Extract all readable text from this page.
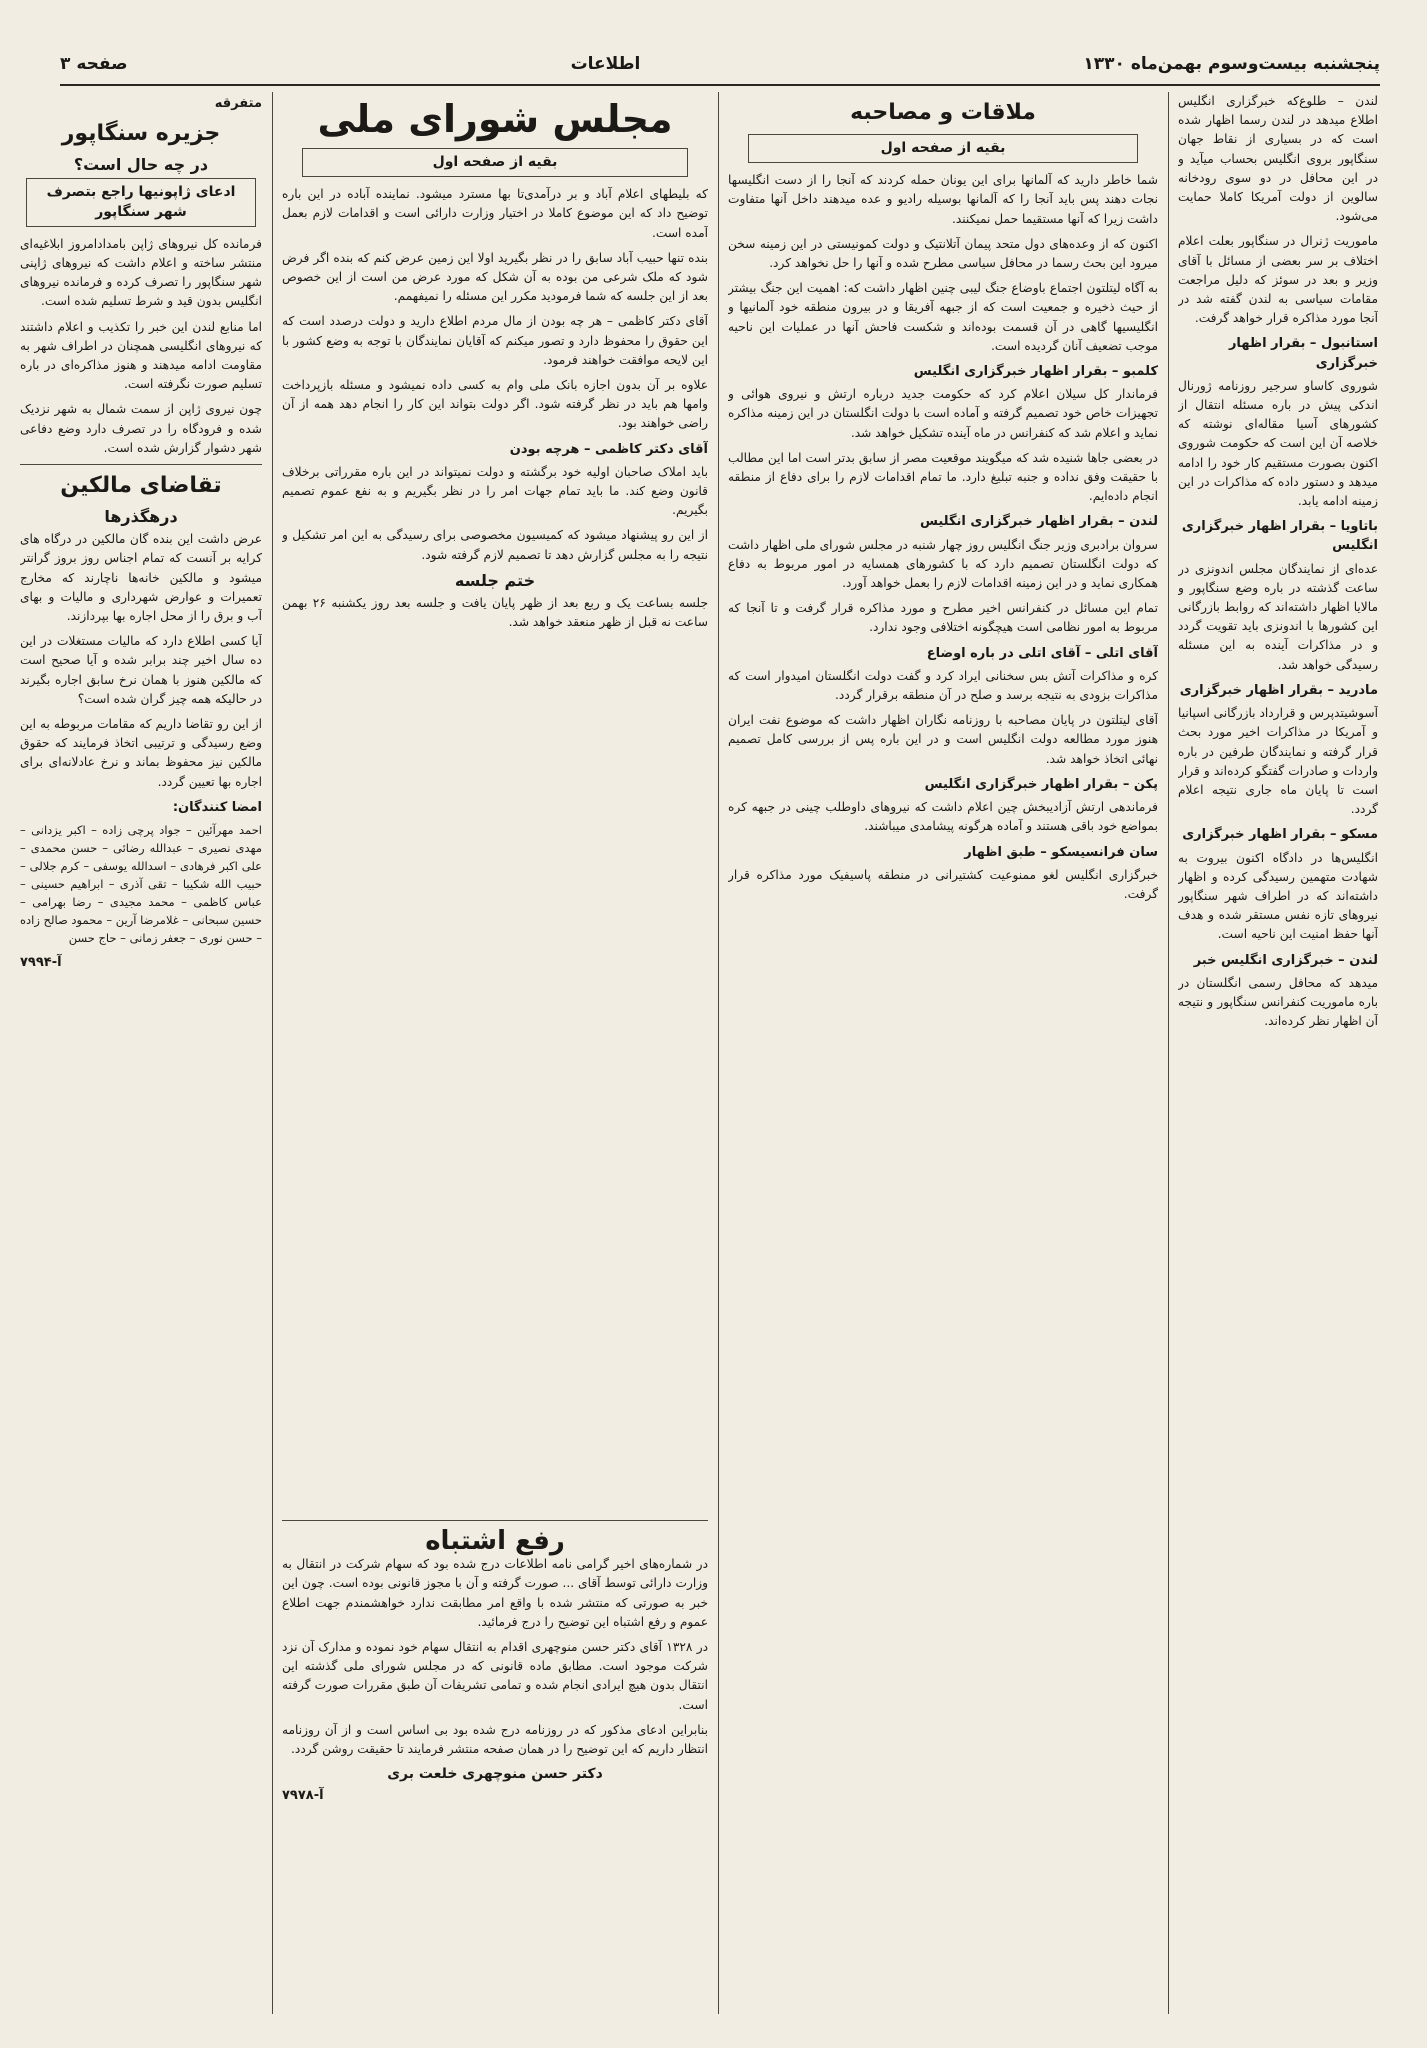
پنجشنبه بیست‌وسوم بهمن‌ماه ۱۳۳۰
اطلاعات
صفحه ۳

لندن – طلوع‌که خبرگزاری انگلیس اطلاع میدهد در لندن رسما اظهار شده است که در بسیاری از نقاط جهان سنگاپور بروی انگلیس بحساب میآید و در این محافل در دو سوی رودخانه سالوین از دولت آمریکا کاملا حمایت می‌شود.

ماموریت ژنرال در سنگاپور بعلت اعلام اختلاف بر سر بعضی از مسائل با آقای وزیر و بعد در سوئز که دلیل مراجعت مقامات سیاسی به لندن گفته شد در آنجا مورد مذاکره قرار خواهد گرفت.

استانبول – بقرار اظهار خبرگزاری

شوروی کاساو سرجیر روزنامه ژورنال اندکی پیش در باره مسئله انتقال از کشورهای آسیا مقاله‌ای نوشته که خلاصه آن این است که حکومت شوروی اکنون بصورت مستقیم کار خود را ادامه میدهد و دستور داده که مذاکرات در این زمینه ادامه یابد.

باتاویا – بقرار اظهار خبرگزاری انگلیس

عده‌ای از نمایندگان مجلس اندونزی در ساعت گذشته در باره وضع سنگاپور و مالایا اظهار داشته‌اند که روابط بازرگانی این کشورها با اندونزی باید تقویت گردد و در مذاکرات آینده به این مسئله رسیدگی خواهد شد.

مادرید – بقرار اظهار خبرگزاری

آسوشیتدپرس و قرارداد بازرگانی اسپانیا و آمریکا در مذاکرات اخیر مورد بحث قرار گرفته و نمایندگان طرفین در باره واردات و صادرات گفتگو کرده‌اند و قرار است تا پایان ماه جاری نتیجه اعلام گردد.

مسکو – بقرار اظهار خبرگزاری

انگلیس‌ها در دادگاه اکنون بیروت به شهادت متهمین رسیدگی کرده و اظهار داشته‌اند که در اطراف شهر سنگاپور نیروهای تازه نفس مستقر شده و هدف آنها حفظ امنیت این ناحیه است.

لندن – خبرگزاری انگلیس خبر

میدهد که محافل رسمی انگلستان در باره ماموریت کنفرانس سنگاپور و نتیجه آن اظهار نظر کرده‌اند.

ملاقات و مصاحبه
بقیه از صفحه اول

شما خاطر دارید که آلمانها برای این یونان حمله کردند که آنجا را از دست انگلیسها نجات دهند پس باید آنجا را که آلمانها بوسیله رادیو و عده میدهند داخل آنها متفاوت داشت زیرا که آنها مستقیما حمل نمیکنند.

اکنون که از وعده‌های دول متحد پیمان آتلانتیک و دولت کمونیستی در این زمینه سخن میرود این بحث رسما در محافل سیاسی مطرح شده و آنها را حل نخواهد کرد.

به آگاه لیتلتون اجتماع باوضاع جنگ لیبی چنین اظهار داشت که: اهمیت این جنگ بیشتر از حیث ذخیره و جمعیت است که از جبهه آفریقا و در بیرون منطقه خود آلمانیها و انگلیسیها گاهی در آن قسمت بوده‌اند و شکست فاحش آنها در عملیات این ناحیه موجب تضعیف آنان گردیده است.

کلمبو – بقرار اظهار خبرگزاری انگلیس

فرماندار کل سیلان اعلام کرد که حکومت جدید درباره ارتش و نیروی هوائی و تجهیزات خاص خود تصمیم گرفته و آماده است با دولت انگلستان در این زمینه مذاکره نماید و اعلام شد که کنفرانس در ماه آینده تشکیل خواهد شد.

در بعضی جاها شنیده شد که میگویند موقعیت مصر از سابق بدتر است اما این مطالب با حقیقت وفق نداده و جنبه تبلیغ دارد. ما تمام اقدامات لازم را برای دفاع از منطقه انجام داده‌ایم.

لندن – بقرار اظهار خبرگزاری انگلیس

سروان برادبری وزیر جنگ انگلیس روز چهار شنبه در مجلس شورای ملی اظهار داشت که دولت انگلستان تصمیم دارد که با کشورهای همسایه در امور مربوط به دفاع همکاری نماید و در این زمینه اقدامات لازم را بعمل خواهد آورد.

تمام این مسائل در کنفرانس اخیر مطرح و مورد مذاکره قرار گرفت و تا آنجا که مربوط به امور نظامی است هیچگونه اختلافی وجود ندارد.

آقای اتلی – آقای اتلی در باره اوضاع

کره و مذاکرات آتش بس سخنانی ایراد کرد و گفت دولت انگلستان امیدوار است که مذاکرات بزودی به نتیجه برسد و صلح در آن منطقه برقرار گردد.

آقای لیتلتون در پایان مصاحبه با روزنامه نگاران اظهار داشت که موضوع نفت ایران هنوز مورد مطالعه دولت انگلیس است و در این باره پس از بررسی کامل تصمیم نهائی اتخاذ خواهد شد.

پکن – بقرار اظهار خبرگزاری انگلیس

فرماندهی ارتش آزادیبخش چین اعلام داشت که نیروهای داوطلب چینی در جبهه کره بمواضع خود باقی هستند و آماده هرگونه پیشامدی میباشند.

سان فرانسیسکو – طبق اظهار

خبرگزاری انگلیس لغو ممنوعیت کشتیرانی در منطقه پاسیفیک مورد مذاکره قرار گرفت.

مجلس شورای ملی
بقیه از صفحه اول

که بلیطهای اعلام آباد و بر درآمدی‌تا بها مسترد میشود. نماینده آباده در این باره توضیح داد که این موضوع کاملا در اختیار وزارت دارائی است و اقدامات لازم بعمل آمده است.

بنده تنها حبیب آباد سابق را در نظر بگیرید اولا این زمین عرض کنم که بنده اگر فرض شود که ملک شرعی من بوده به آن شکل که مورد عرض من است از این خصوص بعد از این جلسه که شما فرمودید مکرر این مسئله را نمیفهمم.

آقای دکتر کاظمی – هر چه بودن از مال مردم اطلاع دارید و دولت درصدد است که این حقوق را محفوظ دارد و تصور میکنم که آقایان نمایندگان با توجه به وضع کشور با این لایحه موافقت خواهند فرمود.

علاوه بر آن بدون اجازه بانک ملی وام به کسی داده نمیشود و مسئله بازپرداخت وامها هم باید در نظر گرفته شود. اگر دولت بتواند این کار را انجام دهد همه از آن راضی خواهند بود.

آقای دکتر کاظمی – هرچه بودن

باید املاک صاحبان اولیه خود برگشته و دولت نمیتواند در این باره مقرراتی برخلاف قانون وضع کند. ما باید تمام جهات امر را در نظر بگیریم و به نفع عموم تصمیم بگیریم.

از این رو پیشنهاد میشود که کمیسیون مخصوصی برای رسیدگی به این امر تشکیل و نتیجه را به مجلس گزارش دهد تا تصمیم لازم گرفته شود.

ختم جلسه

جلسه بساعت یک و ربع بعد از ظهر پایان یافت و جلسه بعد روز یکشنبه ۲۶ بهمن ساعت نه قبل از ظهر منعقد خواهد شد.

رفع اشتباه

در شماره‌های اخیر گرامی نامه اطلاعات درج شده بود که سهام شرکت در انتقال به وزارت دارائی توسط آقای ... صورت گرفته و آن با مجوز قانونی بوده است. چون این خبر به صورتی که منتشر شده با واقع امر مطابقت ندارد خواهشمندم جهت اطلاع عموم و رفع اشتباه این توضیح را درج فرمائید.

در ۱۳۲۸ آقای دکتر حسن منوچهری اقدام به انتقال سهام خود نموده و مدارک آن نزد شرکت موجود است. مطابق ماده قانونی که در مجلس شورای ملی گذشته این انتقال بدون هیچ ایرادی انجام شده و تمامی تشریفات آن طبق مقررات صورت گرفته است.

بنابراین ادعای مذکور که در روزنامه درج شده بود بی اساس است و از آن روزنامه انتظار داریم که این توضیح را در همان صفحه منتشر فرمایند تا حقیقت روشن گردد.

دکتر حسن منوچهری خلعت بری
آ-۷۹۷۸
متفرقه
جزیره سنگاپور
در چه حال است؟
ادعای ژاپونیها راجع بتصرف شهر سنگاپور

فرمانده کل نیروهای ژاپن بامدادامروز ابلاغیه‌ای منتشر ساخته و اعلام داشت که نیروهای ژاپنی شهر سنگاپور را تصرف کرده و فرمانده نیروهای انگلیس بدون قید و شرط تسلیم شده است.

اما منابع لندن این خبر را تکذیب و اعلام داشتند که نیروهای انگلیسی همچنان در اطراف شهر به مقاومت ادامه میدهند و هنوز مذاکره‌ای در باره تسلیم صورت نگرفته است.

چون نیروی ژاپن از سمت شمال به شهر نزدیک شده و فرودگاه را در تصرف دارد وضع دفاعی شهر دشوار گزارش شده است.

تقاضای مالکین
درهگذرها

عرض داشت این بنده گان مالکین در درگاه های کرایه بر آنست که تمام اجناس روز بروز گرانتر میشود و مالکین خانه‌ها ناچارند که مخارج تعمیرات و عوارض شهرداری و مالیات و بهای آب و برق را از محل اجاره بها بپردازند.

آیا کسی اطلاع دارد که مالیات مستغلات در این ده سال اخیر چند برابر شده و آیا صحیح است که مالکین هنوز با همان نرخ سابق اجاره بگیرند در حالیکه همه چیز گران شده است؟

از این رو تقاضا داریم که مقامات مربوطه به این وضع رسیدگی و ترتیبی اتخاذ فرمایند که حقوق مالکین نیز محفوظ بماند و نرخ عادلانه‌ای برای اجاره بها تعیین گردد.

امضا کنندگان:

احمد مهرآئین – جواد پرچی زاده – اکبر یزدانی – مهدی نصیری – عبدالله رضائی – حسن محمدی – علی اکبر فرهادی – اسدالله یوسفی – کرم جلالی – حبیب الله شکیبا – تقی آذری – ابراهیم حسینی – عباس کاظمی – محمد مجیدی – رضا بهرامی – حسین سبحانی – غلامرضا آرین – محمود صالح زاده – حسن نوری – جعفر زمانی – حاج حسن

آ-۷۹۹۴
